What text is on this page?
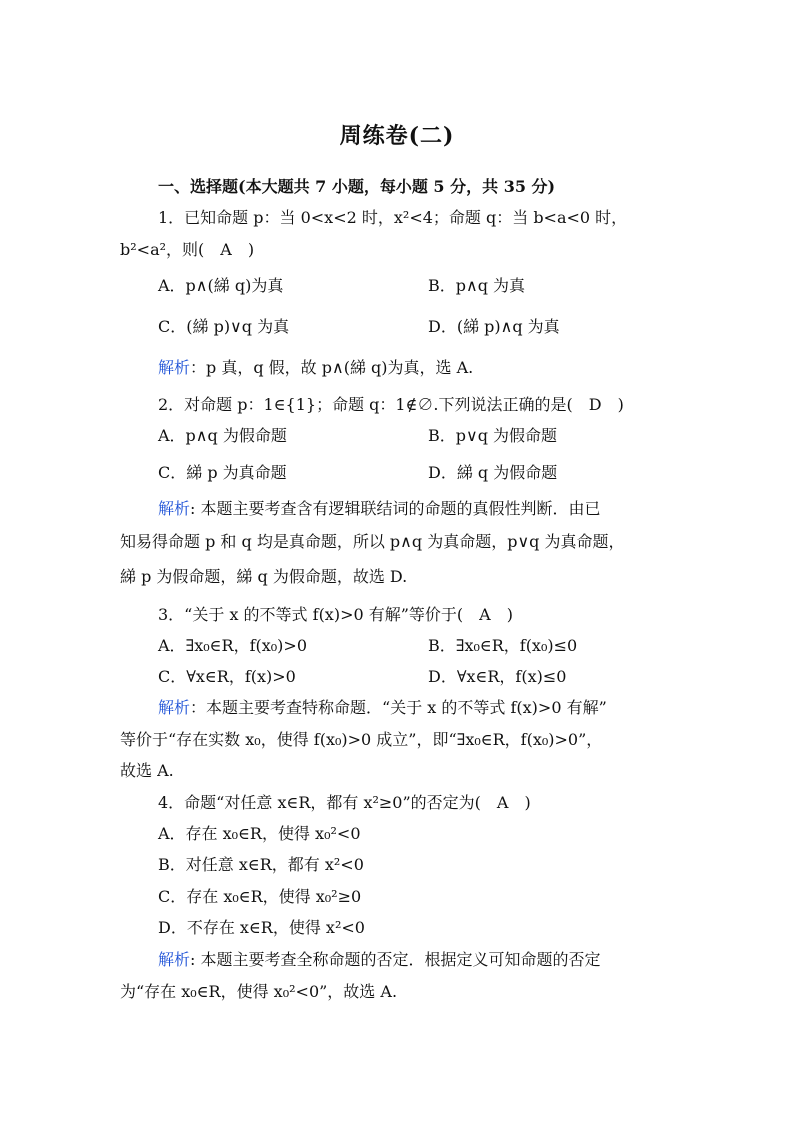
周练卷(二)
一、选择题(本大题共 7 小题，每小题 5 分，共 35 分)
1．已知命题 p：当 0<x<2 时，x²<4；命题 q：当 b<a<0 时，
b²<a²，则(　A　)
A．p∧(綈 q)为真	B．p∧q 为真
C．(綈 p)∨q 为真	D．(綈 p)∧q 为真
解析：p 真，q 假，故 p∧(綈 q)为真，选 A.
2．对命题 p：1∈{1}；命题 q：1∉∅.下列说法正确的是(　D　)
A．p∧q 为假命题	B．p∨q 为假命题
C．綈 p 为真命题	D．綈 q 为假命题
解析: 本题主要考查含有逻辑联结词的命题的真假性判断．由已
知易得命题 p 和 q 均是真命题，所以 p∧q 为真命题，p∨q 为真命题，
綈 p 为假命题，綈 q 为假命题，故选 D.
3．“关于 x 的不等式 f(x)>0 有解”等价于(　A　)
A．∃x₀∈R，f(x₀)>0	B．∃x₀∈R，f(x₀)≤0
C．∀x∈R，f(x)>0	D．∀x∈R，f(x)≤0
解析：本题主要考查特称命题．“关于 x 的不等式 f(x)>0 有解”
等价于“存在实数 x₀，使得 f(x₀)>0 成立”，即“∃x₀∈R，f(x₀)>0”，
故选 A.
4．命题“对任意 x∈R，都有 x²≥0”的否定为(　A　)
A．存在 x₀∈R，使得 x₀²<0
B．对任意 x∈R，都有 x²<0
C．存在 x₀∈R，使得 x₀²≥0
D．不存在 x∈R，使得 x²<0
解析: 本题主要考查全称命题的否定．根据定义可知命题的否定
为“存在 x₀∈R，使得 x₀²<0”，故选 A.
